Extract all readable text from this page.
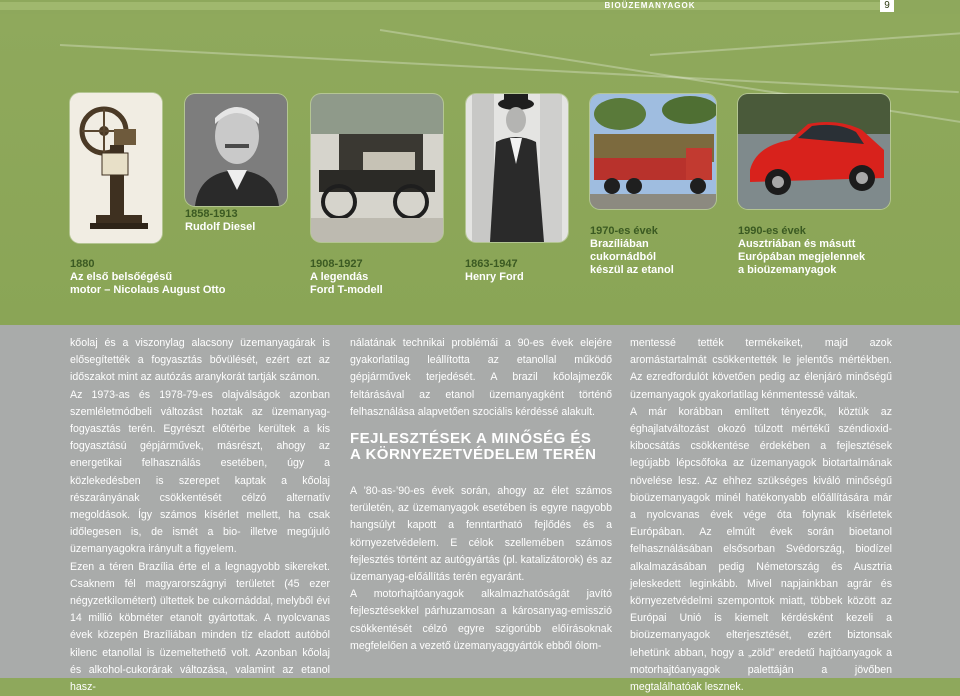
BIOÜZEMANYAGOK	9
1880
Az első belsőégésű
motor – Nicolaus August Otto
1858-1913
Rudolf Diesel
1908-1927
A legendás
Ford T-modell
1863-1947
Henry Ford
1970-es évek
Brazíliában
cukornádból
készül az etanol
1990-es évek
Ausztriában és másutt
Európában megjelennek
a bioüzemanyagok

kőolaj és a viszonylag alacsony üzemanyagárak is elősegítették a fogyasztás bővülését, ezért ezt az időszakot mint az autózás aranykorát tartják számon.

Az 1973-as és 1978-79-es olajválságok azonban szemléletmódbeli változást hoztak az üzemanyag-fogyasztás terén. Egyrészt előtérbe kerültek a kis fogyasztású gépjárművek, másrészt, ahogy az energetikai felhasználás esetében, úgy a közlekedésben is szerepet kaptak a kőolaj részarányának csökkentését célzó alternatív megoldások. Így számos kísérlet mellett, ha csak időlegesen is, de ismét a bio- illetve megújuló üzemanyagokra irányult a figyelem.

Ezen a téren Brazília érte el a legnagyobb sikereket. Csaknem fél magyarországnyi területet (45 ezer négyzetkilométert) ültettek be cukornáddal, melyből évi 14 millió köbméter etanolt gyártottak. A nyolcvanas évek közepén Brazíliában minden tíz eladott autóból kilenc etanollal is üzemeltethető volt. Azonban kőolaj és alkohol-cukorárak változása, valamint az etanol hasz-

nálatának technikai problémái a 90-es évek elejére gyakorlatilag leállította az etanollal működő gépjárművek terjedését. A brazil kőolajmezők feltárásával az etanol üzemanyagként történő felhasználása alapvetően szociális kérdéssé alakult.

FEJLESZTÉSEK A MINŐSÉG ÉS
A KÖRNYEZETVÉDELEM TERÉN

A ’80-as-’90-es évek során, ahogy az élet számos területén, az üzemanyagok esetében is egyre nagyobb hangsúlyt kapott a fenntartható fejlődés és a környezetvédelem. E célok szellemében számos fejlesztés történt az autógyártás (pl. katalizátorok) és az üzemanyag-előállítás terén egyaránt.

A motorhajtóanyagok alkalmazhatóságát javító fejlesztésekkel párhuzamosan a károsanyag-emisszió csökkentését célzó egyre szigorúbb előírásoknak megfelelően a vezető üzemanyaggyártók ebből ólom-

mentessé tették termékeiket, majd azok aromástartalmát csökkentették le jelentős mértékben. Az ezredfordulót követően pedig az élenjáró minőségű üzemanyagok gyakorlatilag kénmentessé váltak.

A már korábban említett tényezők, köztük az éghajlatváltozást okozó túlzott mértékű széndioxid-kibocsátás csökkentése érdekében a fejlesztések legújabb lépcsőfoka az üzemanyagok biotartalmának növelése lesz. Az ehhez szükséges kiváló minőségű bioüzemanyagok minél hatékonyabb előállítására már a nyolcvanas évek vége óta folynak kísérletek Európában. Az elmúlt évek során bioetanol felhasználásában elsősorban Svédország, biodízel alkalmazásában pedig Németország és Ausztria jeleskedett leginkább. Mivel napjainkban agrár és környezetvédelmi szempontok miatt, többek között az Európai Unió is kiemelt kérdésként kezeli a bioüzemanyagok elterjesztését, ezért biztonsak lehetünk abban, hogy a „zöld” eredetű hajtóanyagok a motorhajtóanyagok palettáján a jövőben megtalálhatóak lesznek.
